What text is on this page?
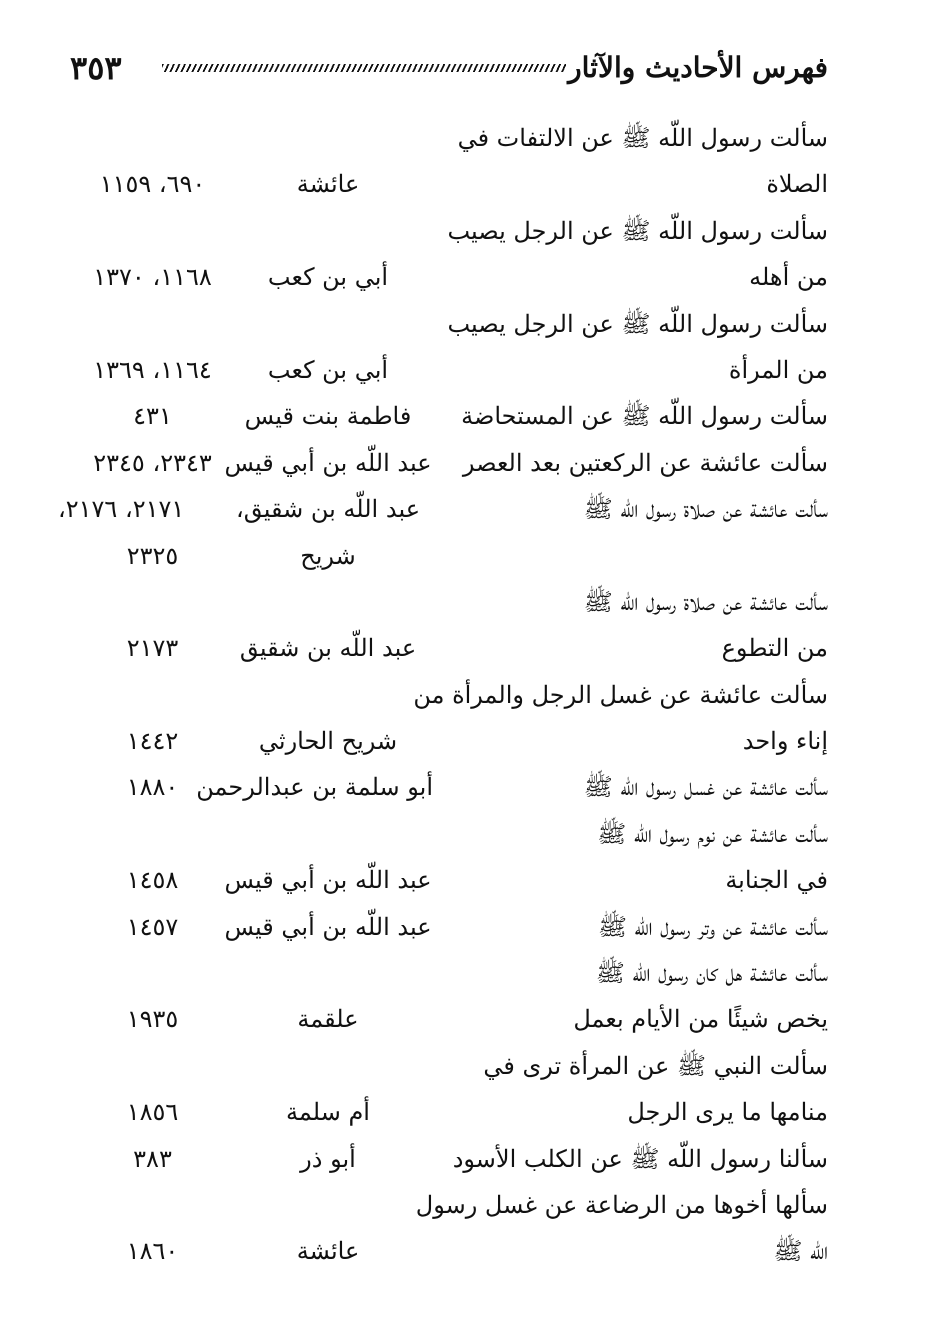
٣٥٣	فهرس الأحاديث والآثار
سألت رسول اللّه ﷺ عن الالتفات في
الصلاة
عائشة
٦٩٠، ١١٥٩
سألت رسول اللّه ﷺ عن الرجل يصيب
من أهله
أبي بن كعب
١١٦٨، ١٣٧٠
سألت رسول اللّه ﷺ عن الرجل يصيب
من المرأة
أبي بن كعب
١١٦٤، ١٣٦٩
سألت رسول اللّه ﷺ عن المستحاضة
فاطمة بنت قيس
٤٣١
سألت عائشة عن الركعتين بعد العصر
عبد اللّه بن أبي قيس
٢٣٤٣، ٢٣٤٥
سألت عائشة عن صلاة رسول اللّه ﷺ
عبد اللّه بن شقيق،
٢١٧١، ٢١٧٦،
شريح
٢٣٢٥
سألت عائشة عن صلاة رسول اللّه ﷺ
من التطوع
عبد اللّه بن شقيق
٢١٧٣
سألت عائشة عن غسل الرجل والمرأة من
إناء واحد
شريح الحارثي
١٤٤٢
سألت عائشة عن غسل رسول اللّه ﷺ
أبو سلمة بن عبدالرحمن
١٨٨٠
سألت عائشة عن نوم رسول اللّه ﷺ
في الجنابة
عبد اللّه بن أبي قيس
١٤٥٨
سألت عائشة عن وتر رسول اللّه ﷺ
عبد اللّه بن أبي قيس
١٤٥٧
سألت عائشة هل كان رسول اللّه ﷺ
يخص شيئًا من الأيام بعمل
علقمة
١٩٣٥
سألت النبي ﷺ عن المرأة ترى في
منامها ما يرى الرجل
أم سلمة
١٨٥٦
سألنا رسول اللّه ﷺ عن الكلب الأسود
أبو ذر
٣٨٣
سألها أخوها من الرضاعة عن غسل رسول
اللّه ﷺ
عائشة
١٨٦٠
